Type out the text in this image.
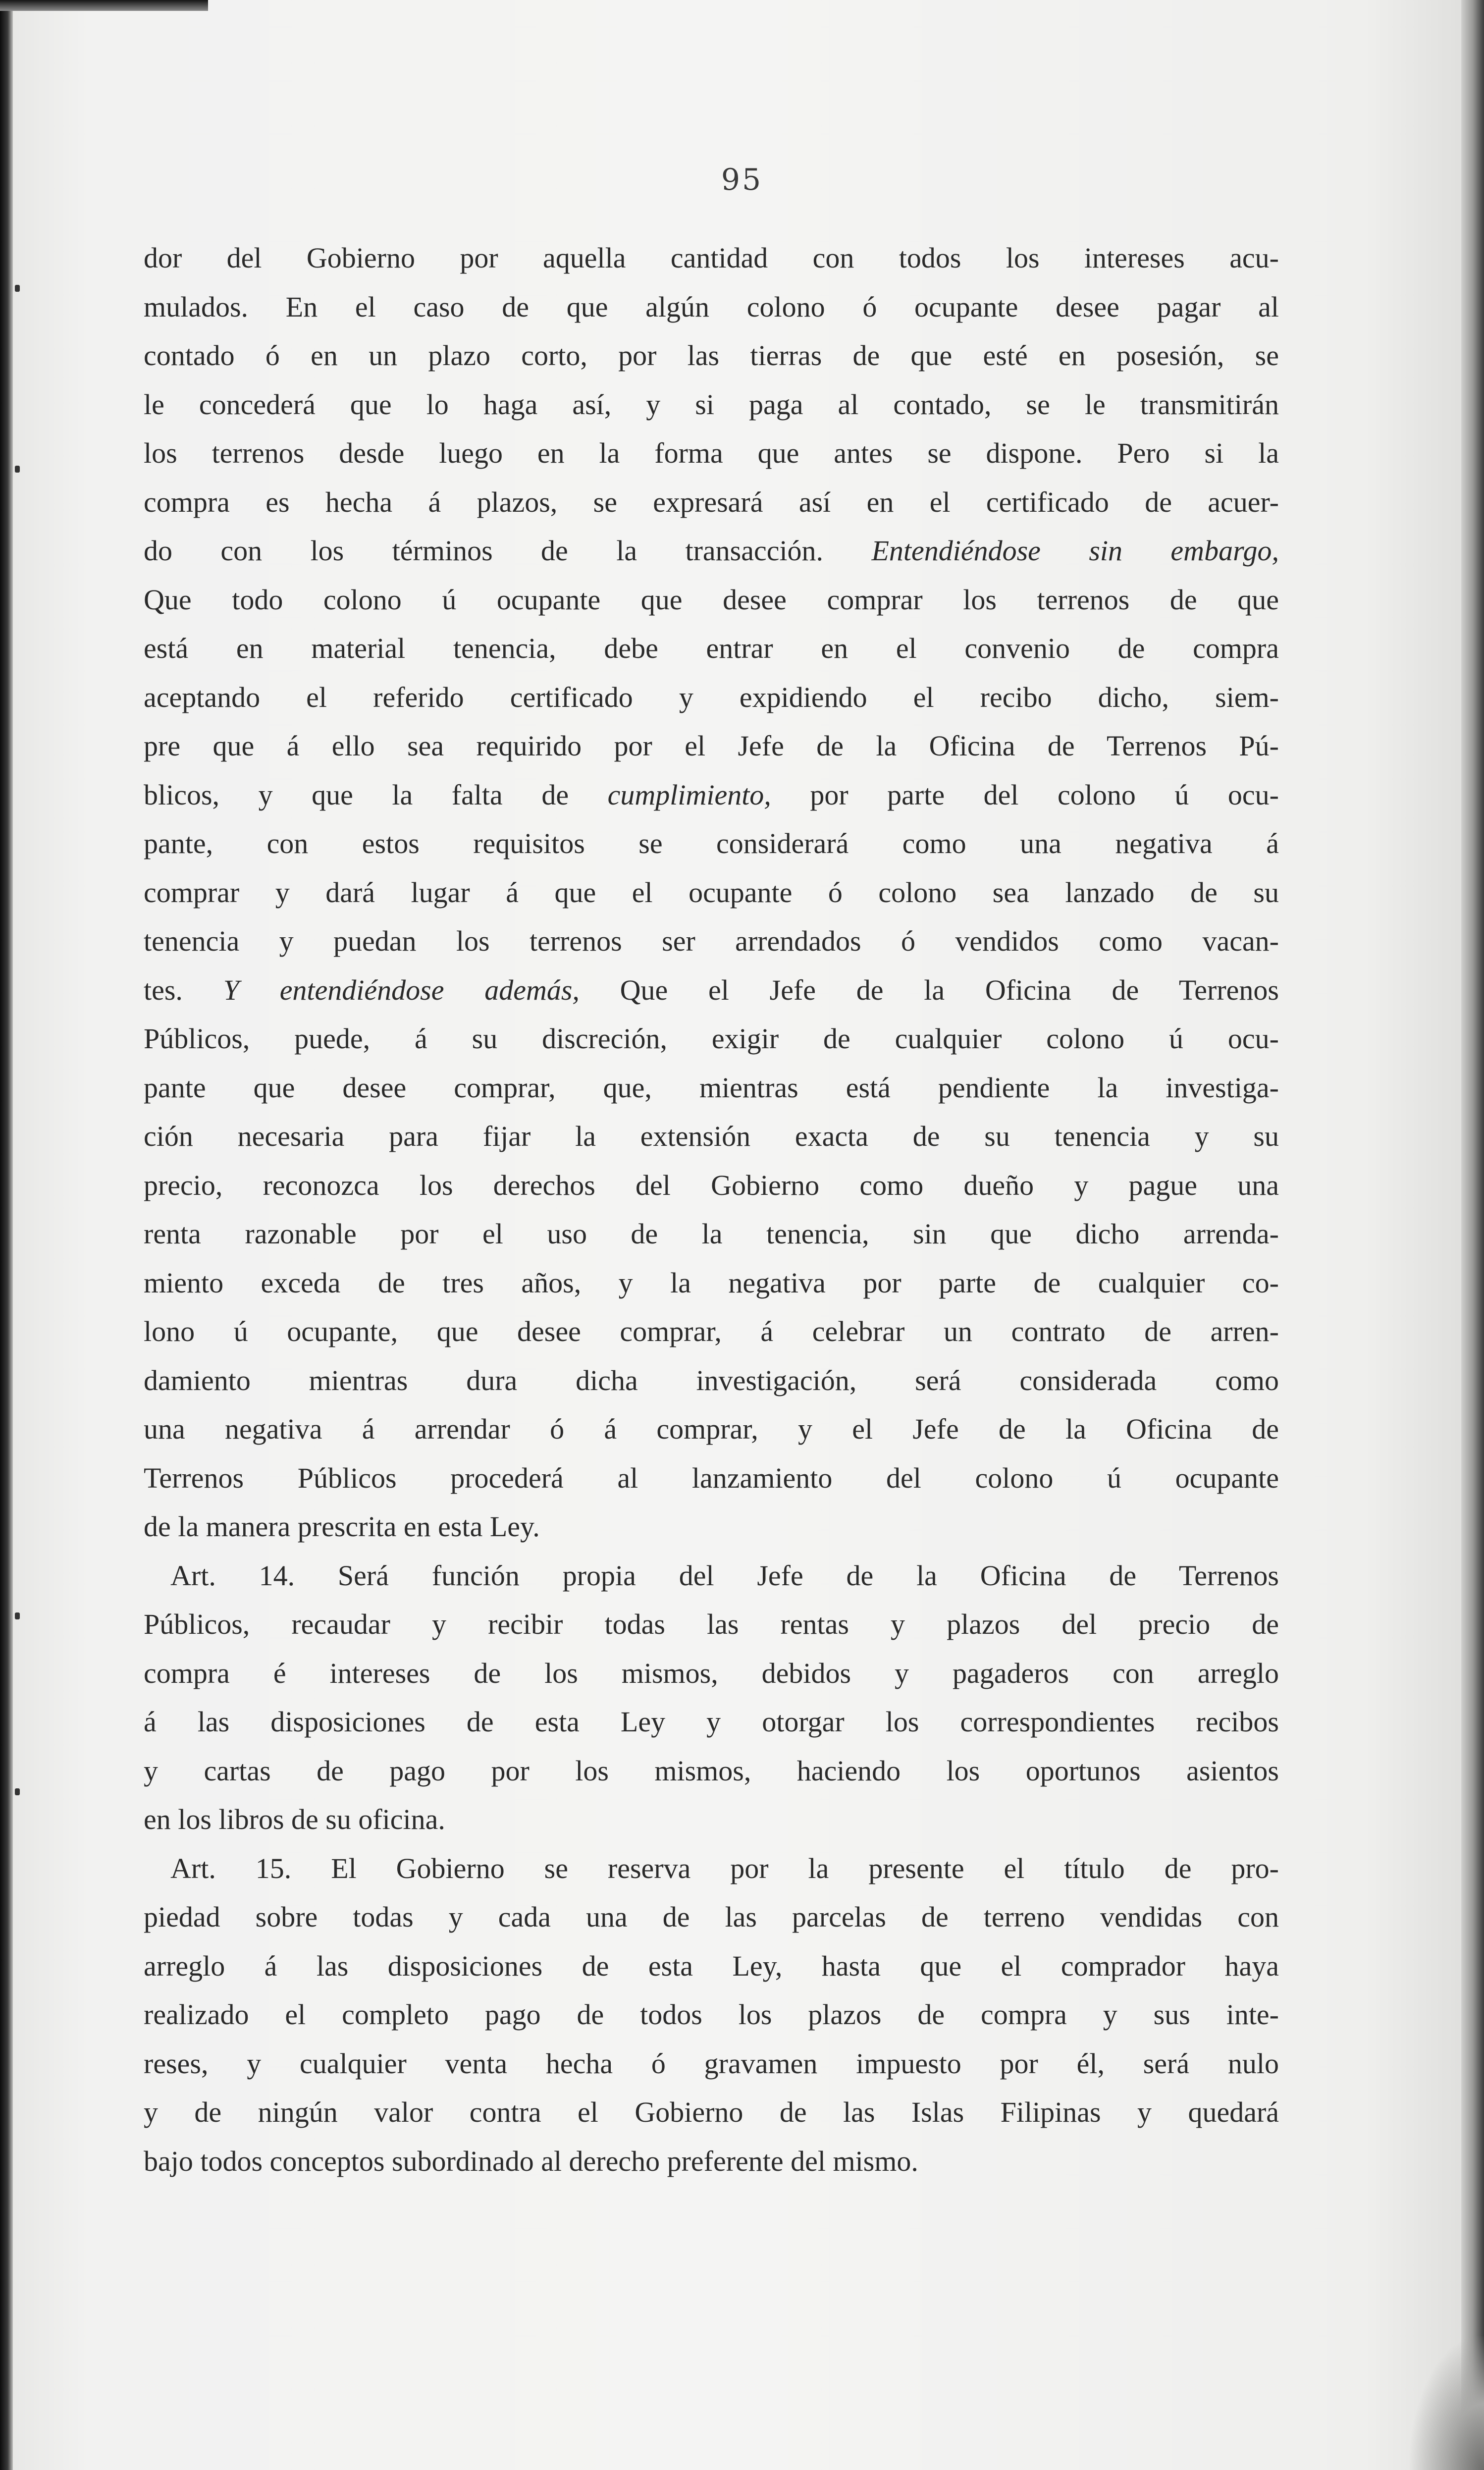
95
dor del Gobierno por aquella cantidad con todos los intereses acu-
mulados. En el caso de que algún colono ó ocupante desee pagar al
contado ó en un plazo corto, por las tierras de que esté en posesión, se
le concederá que lo haga así, y si paga al contado, se le transmitirán
los terrenos desde luego en la forma que antes se dispone. Pero si la
compra es hecha á plazos, se expresará así en el certificado de acuer-
do con los términos de la transacción. Entendiéndose sin embargo,
Que todo colono ú ocupante que desee comprar los terrenos de que
está en material tenencia, debe entrar en el convenio de compra
aceptando el referido certificado y expidiendo el recibo dicho, siem-
pre que á ello sea requirido por el Jefe de la Oficina de Terrenos Pú-
blicos, y que la falta de cumplimiento, por parte del colono ú ocu-
pante, con estos requisitos se considerará como una negativa á
comprar y dará lugar á que el ocupante ó colono sea lanzado de su
tenencia y puedan los terrenos ser arrendados ó vendidos como vacan-
tes. Y entendiéndose además, Que el Jefe de la Oficina de Terrenos
Públicos, puede, á su discreción, exigir de cualquier colono ú ocu-
pante que desee comprar, que, mientras está pendiente la investiga-
ción necesaria para fijar la extensión exacta de su tenencia y su
precio, reconozca los derechos del Gobierno como dueño y pague una
renta razonable por el uso de la tenencia, sin que dicho arrenda-
miento exceda de tres años, y la negativa por parte de cualquier co-
lono ú ocupante, que desee comprar, á celebrar un contrato de arren-
damiento mientras dura dicha investigación, será considerada como
una negativa á arrendar ó á comprar, y el Jefe de la Oficina de
Terrenos Públicos procederá al lanzamiento del colono ú ocupante
de la manera prescrita en esta Ley.
Art. 14. Será función propia del Jefe de la Oficina de Terrenos
Públicos, recaudar y recibir todas las rentas y plazos del precio de
compra é intereses de los mismos, debidos y pagaderos con arreglo
á las disposiciones de esta Ley y otorgar los correspondientes recibos
y cartas de pago por los mismos, haciendo los oportunos asientos
en los libros de su oficina.
Art. 15. El Gobierno se reserva por la presente el título de pro-
piedad sobre todas y cada una de las parcelas de terreno vendidas con
arreglo á las disposiciones de esta Ley, hasta que el comprador haya
realizado el completo pago de todos los plazos de compra y sus inte-
reses, y cualquier venta hecha ó gravamen impuesto por él, será nulo
y de ningún valor contra el Gobierno de las Islas Filipinas y quedará
bajo todos conceptos subordinado al derecho preferente del mismo.
